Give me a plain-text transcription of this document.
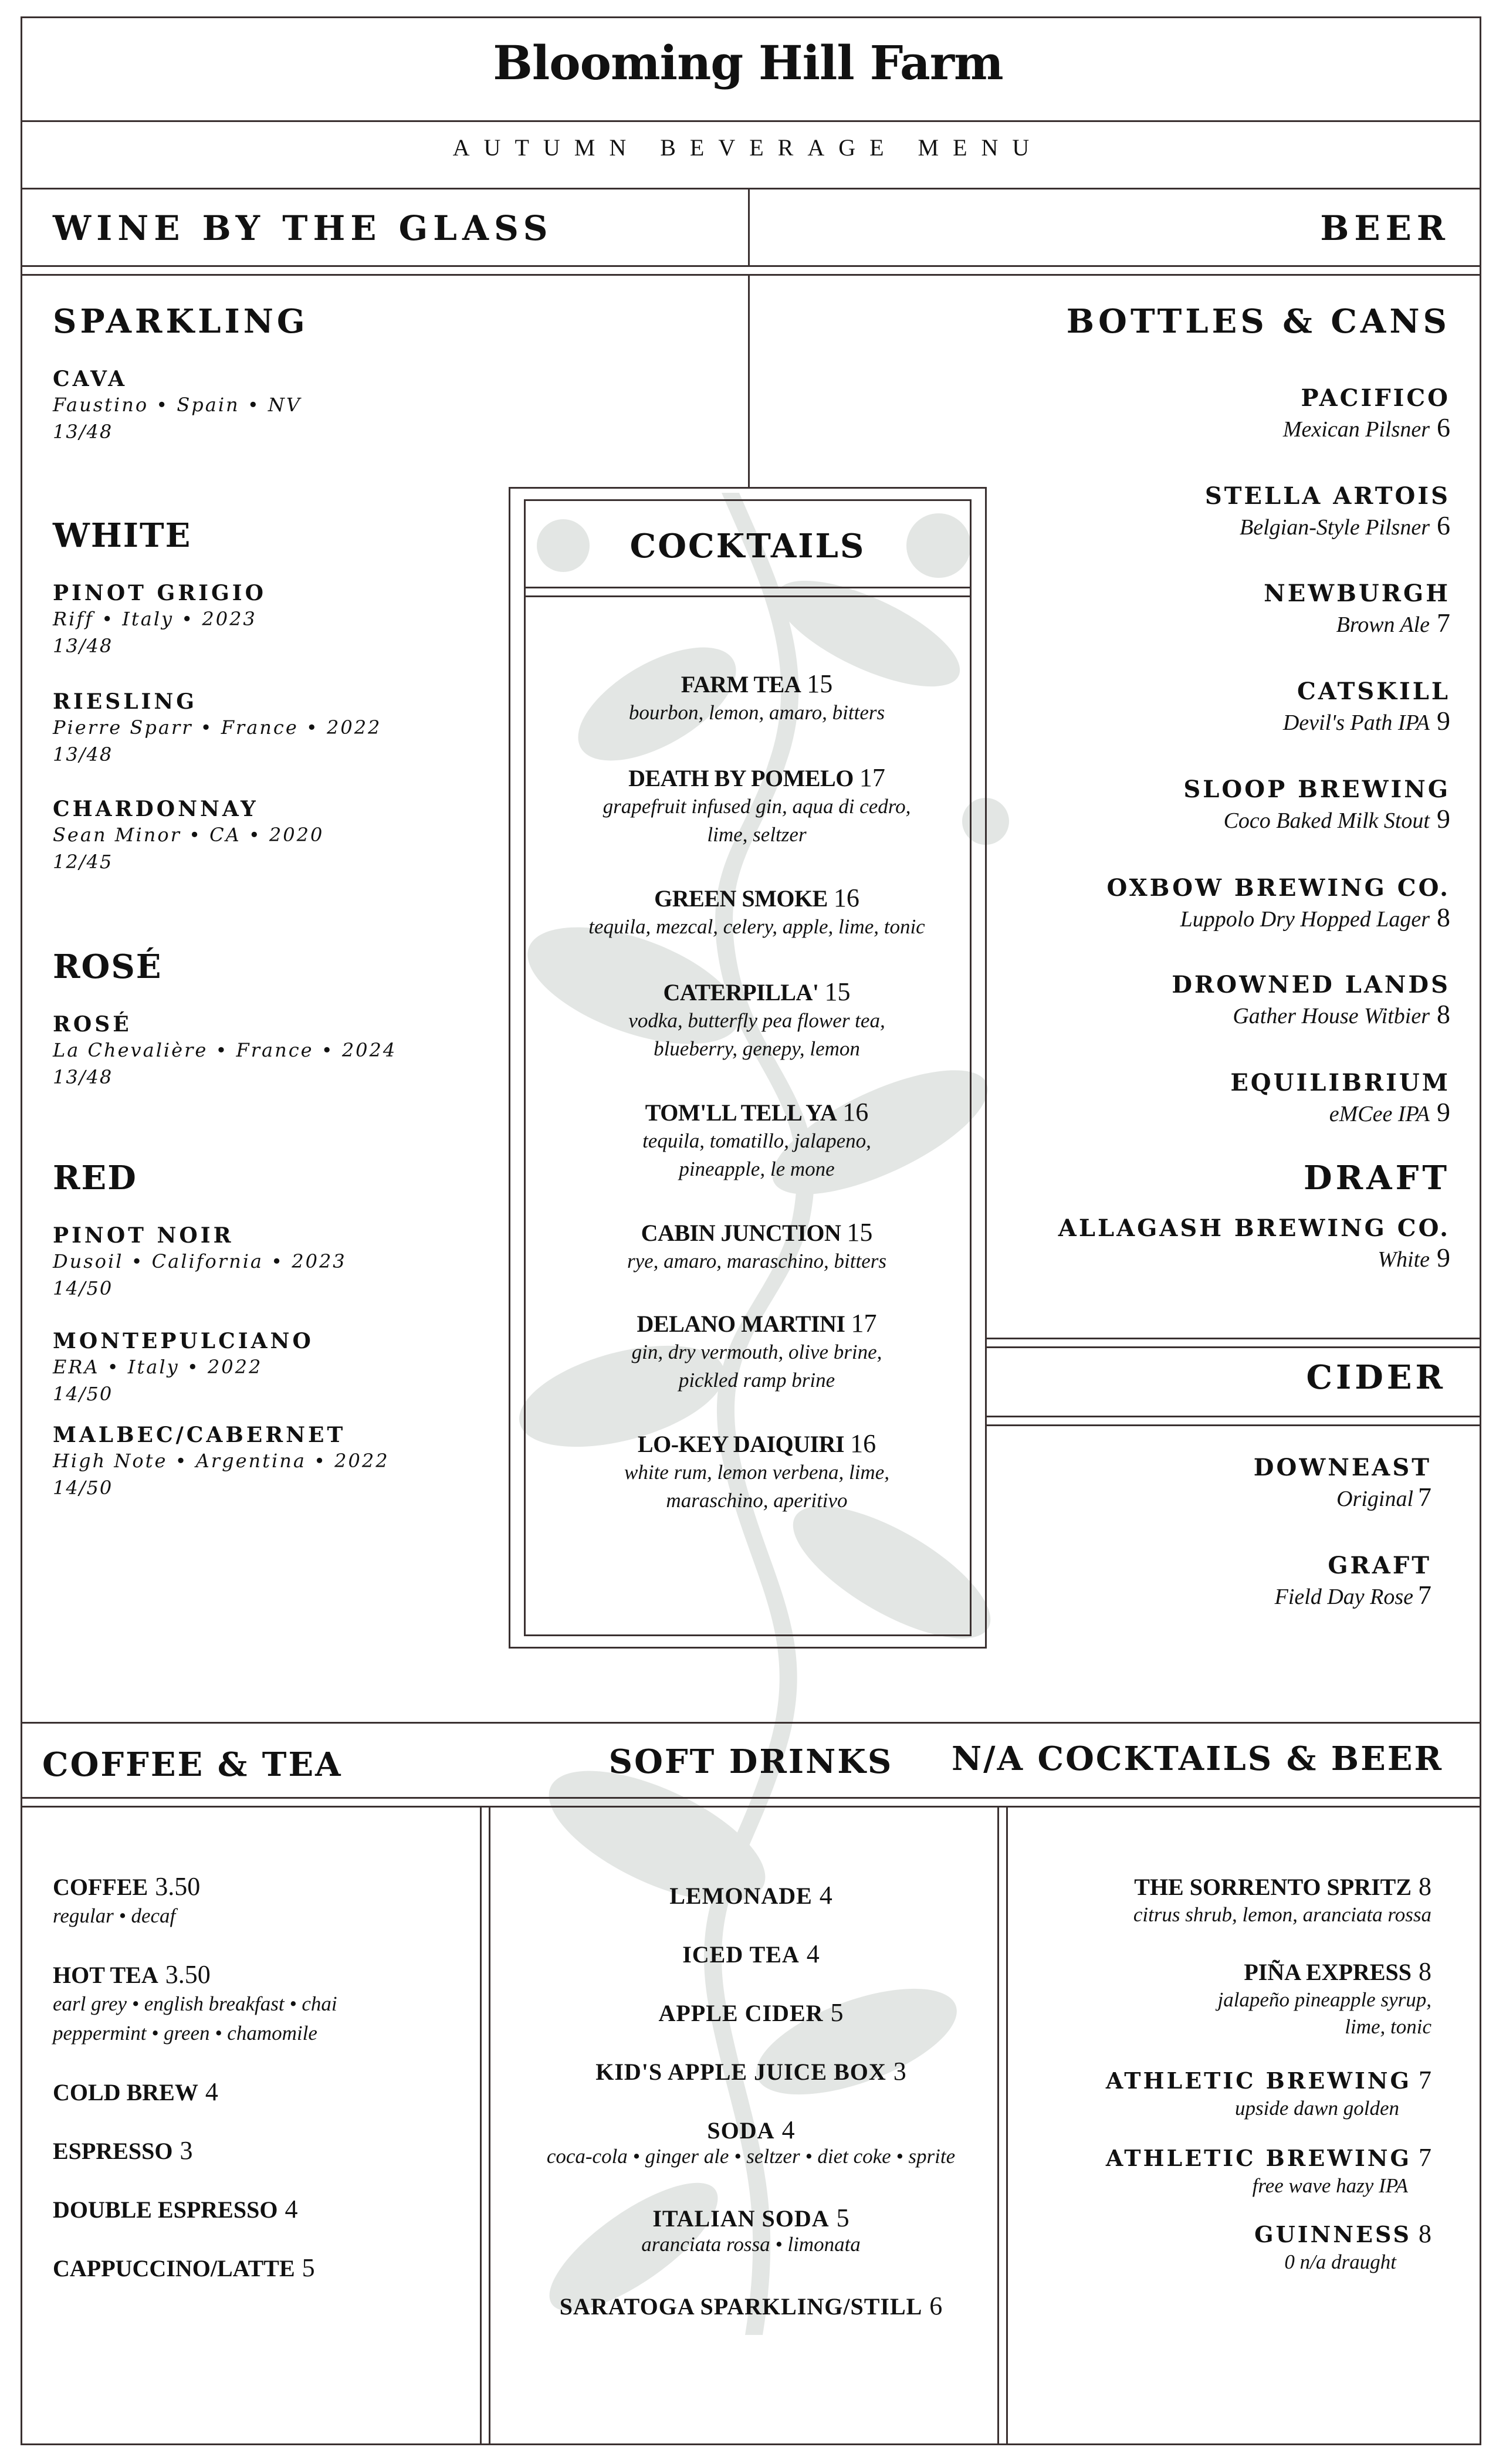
Blooming Hill Farm
AUTUMN BEVERAGE MENU
WINE BY THE GLASS	BEER
SPARKLING
CAVA
Faustino • Spain • NV
13/48
WHITE
PINOT GRIGIO
Riff • Italy • 2023
13/48
RIESLING
Pierre Sparr • France • 2022
13/48
CHARDONNAY
Sean Minor • CA • 2020
12/45
ROSÉ
ROSÉ
La Chevalière • France • 2024
13/48
RED
PINOT NOIR
Dusoil • California • 2023
14/50
MONTEPULCIANO
ERA • Italy • 2022
14/50
MALBEC/CABERNET
High Note • Argentina • 2022
14/50
COCKTAILS
FARM TEA 15
bourbon, lemon, amaro, bitters
DEATH BY POMELO 17
grapefruit infused gin, aqua di cedro,
lime, seltzer
GREEN SMOKE 16
tequila, mezcal, celery, apple, lime, tonic
CATERPILLA' 15
vodka, butterfly pea flower tea,
blueberry, genepy, lemon
TOM'LL TELL YA 16
tequila, tomatillo, jalapeno,
pineapple, le mone
CABIN JUNCTION 15
rye, amaro, maraschino, bitters
DELANO MARTINI 17
gin, dry vermouth, olive brine,
pickled ramp brine
LO-KEY DAIQUIRI 16
white rum, lemon verbena, lime,
maraschino, aperitivo
BOTTLES & CANS
PACIFICO
Mexican Pilsner 6
STELLA ARTOIS
Belgian-Style Pilsner 6
NEWBURGH
Brown Ale 7
CATSKILL
Devil's Path IPA 9
SLOOP BREWING
Coco Baked Milk Stout 9
OXBOW BREWING CO.
Luppolo Dry Hopped Lager 8
DROWNED LANDS
Gather House Witbier 8
EQUILIBRIUM
eMCee IPA 9
DRAFT
ALLAGASH BREWING CO.
White 9
CIDER
DOWNEAST
Original 7
GRAFT
Field Day Rose 7
COFFEE & TEA	SOFT DRINKS	N/A COCKTAILS & BEER
COFFEE 3.50
regular • decaf
HOT TEA 3.50
earl grey • english breakfast • chai
peppermint • green • chamomile
COLD BREW 4
ESPRESSO 3
DOUBLE ESPRESSO 4
CAPPUCCINO/LATTE 5
LEMONADE 4
ICED TEA 4
APPLE CIDER 5
KID'S APPLE JUICE BOX 3
SODA 4
coca-cola • ginger ale • seltzer • diet coke • sprite
ITALIAN SODA 5
aranciata rossa • limonata
SARATOGA SPARKLING/STILL 6
THE SORRENTO SPRITZ 8
citrus shrub, lemon, aranciata rossa
PIÑA EXPRESS 8
jalapeño pineapple syrup,
lime, tonic
ATHLETIC BREWING 7
upside dawn golden
ATHLETIC BREWING 7
free wave hazy IPA
GUINNESS 8
0 n/a draught
